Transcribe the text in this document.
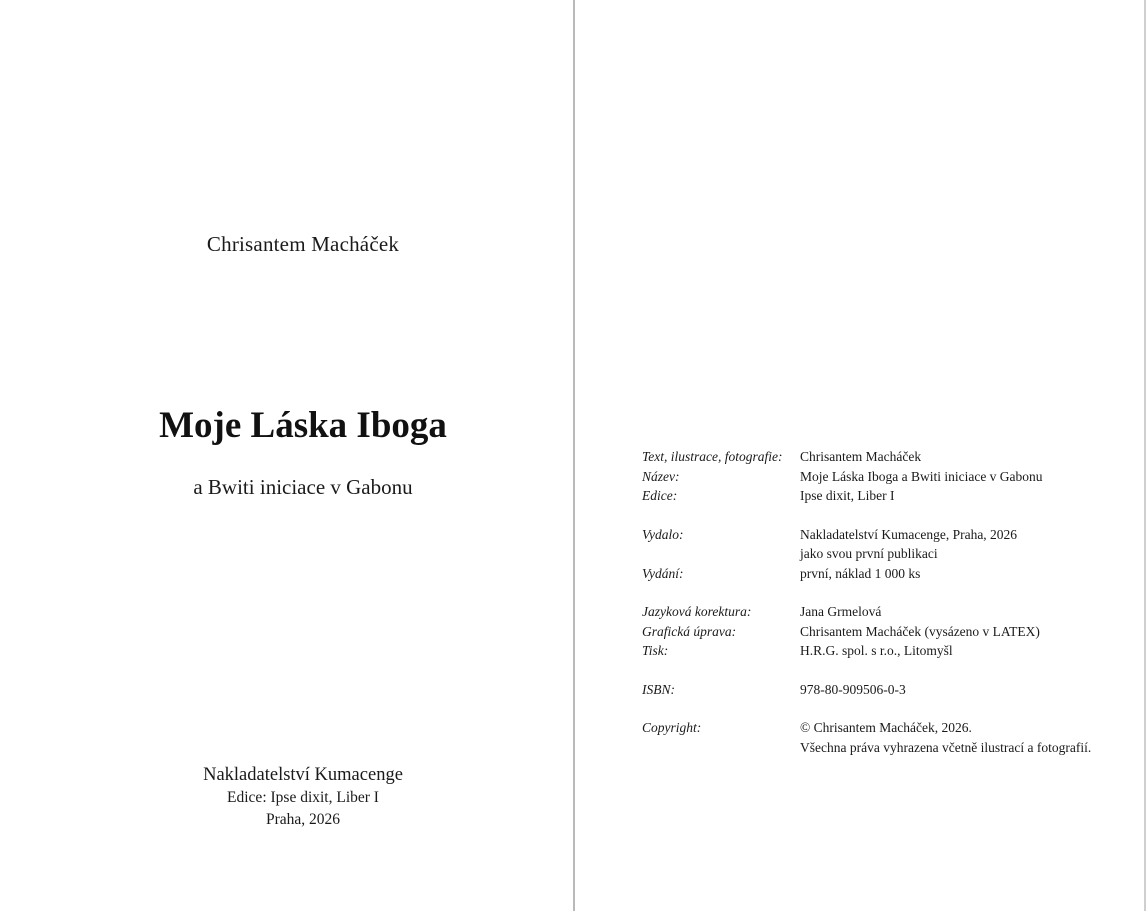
Chrisantem Macháček
Moje Láska Iboga
a Bwiti iniciace v Gabonu
Nakladatelství Kumacenge
Edice: Ipse dixit, Liber I
Praha, 2026
Text, ilustrace, fotografie: Chrisantem Macháček
Název:	Moje Láska Iboga a Bwiti iniciace v Gabonu
Edice:	Ipse dixit, Liber I
Vydalo:	Nakladatelství Kumacenge, Praha, 2026
jako svou první publikaci
Vydání:	první, náklad 1 000 ks
Jazyková korektura:	Jana Grmelová
Grafická úprava:	Chrisantem Macháček (vysázeno v LATEX)
Tisk:	H.R.G. spol. s r.o., Litomyšl
ISBN:	978-80-909506-0-3
Copyright:	© Chrisantem Macháček, 2026.
Všechna práva vyhrazena včetně ilustrací a fotografií.
